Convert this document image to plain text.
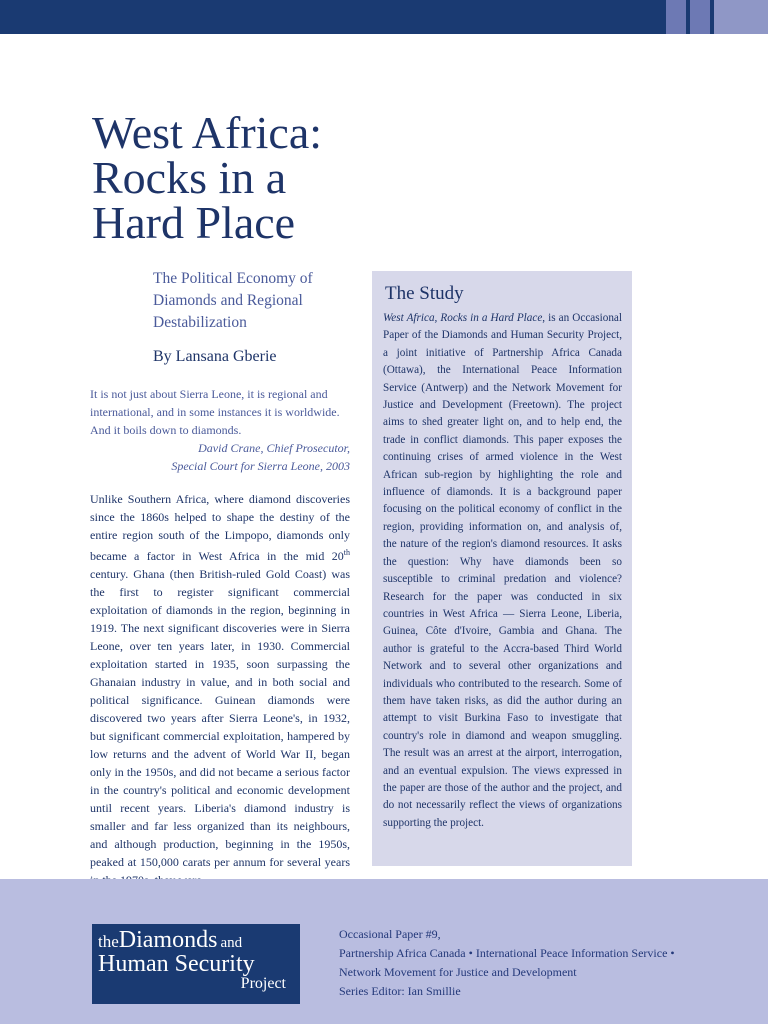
West Africa:
Rocks in a
Hard Place

The Political Economy of
Diamonds and Regional
Destabilization

By Lansana Gberie

It is not just about Sierra Leone, it is regional and
international, and in some instances it is worldwide.
And it boils down to diamonds.
David Crane, Chief Prosecutor,
Special Court for Sierra Leone, 2003

Unlike Southern Africa, where diamond discoveries since the 1860s helped to shape the destiny of the entire region south of the Limpopo, diamonds only became a factor in West Africa in the mid 20th century. Ghana (then British-ruled Gold Coast) was the first to register significant commercial exploitation of diamonds in the region, beginning in 1919. The next significant discoveries were in Sierra Leone, over ten years later, in 1930. Commercial exploitation started in 1935, soon surpassing the Ghanaian industry in value, and in both social and political significance. Guinean diamonds were discovered two years after Sierra Leone's, in 1932, but significant commercial exploitation, hampered by low returns and the advent of World War II, began only in the 1950s, and did not became a serious factor in the country's political and economic development until recent years. Liberia's diamond industry is smaller and far less organized than its neighbours, and although production, beginning in the 1950s, peaked at 150,000 carats per annum for several years

The Study

West Africa, Rocks in a Hard Place, is an Occasional Paper of the Diamonds and Human Security Project, a joint initiative of Partnership Africa Canada (Ottawa), the International Peace Information Service (Antwerp) and the Network Movement for Justice and Development (Freetown). The project aims to shed greater light on, and to help end, the trade in conflict diamonds. This paper exposes the continuing crises of armed violence in the West African sub-region by highlighting the role and influence of diamonds. It is a background paper focusing on the political economy of conflict in the region, providing information on, and analysis of, the nature of the region's diamond resources. It asks the question: Why have diamonds been so susceptible to criminal predation and violence? Research for the paper was conducted in six countries in West Africa — Sierra Leone, Liberia, Guinea, Côte d'Ivoire, Gambia and Ghana. The author is grateful to the Accra-based Third World Network and to several other organizations and individuals who contributed to the research. Some of them have taken risks, as did the author during an attempt to visit Burkina Faso to investigate that country's role in diamond and weapon smuggling. The result was an arrest at the airport, interrogation, and an eventual expulsion. The views expressed in the paper are those of the author and the project, and do not necessarily reflect the views of organizations supporting the project.

theDiamonds and
Human Security
Project
Occasional Paper #9,
Partnership Africa Canada • International Peace Information Service •
Network Movement for Justice and Development
Series Editor: Ian Smillie
